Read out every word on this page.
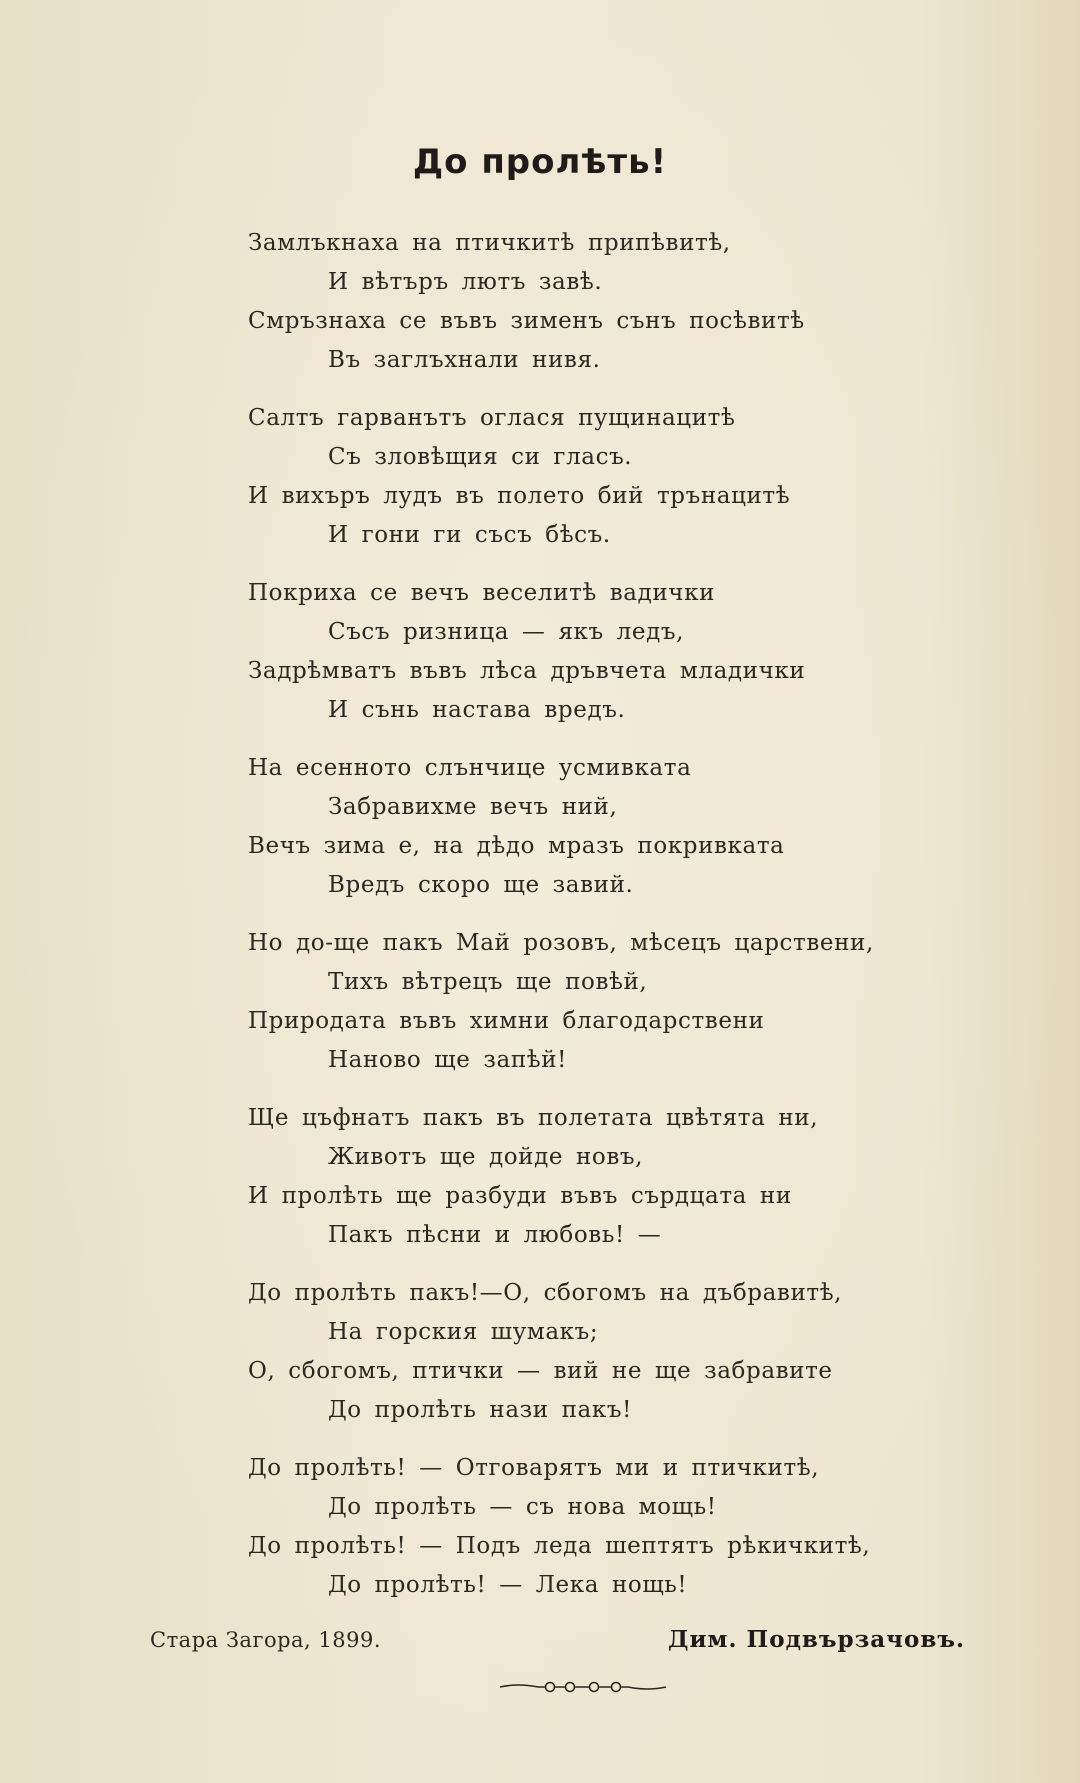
До пролѣть!
Замлъкнаха на птичкитѣ припѣвитѣ,
И вѣтъръ лютъ завѣ.
Смръзнаха се въвъ зименъ сънъ посѣвитѣ
Въ заглъхнали нивя.
Салтъ гарванътъ оглася пущинацитѣ
Съ зловѣщия си гласъ.
И вихъръ лудъ въ полето бий трънацитѣ
И гони ги съсъ бѣсъ.
Покриха се вечъ веселитѣ вадички
Съсъ ризница — якъ ледъ,
Задрѣмватъ въвъ лѣса дръвчета младички
И сънь настава вредъ.
На есенното слънчице усмивката
Забравихме вечъ ний,
Вечъ зима е, на дѣдо мразъ покривката
Вредъ скоро ще завий.
Но до-ще пакъ Май розовъ, мѣсецъ царствени,
Тихъ вѣтрецъ ще повѣй,
Природата въвъ химни благодарствени
Наново ще запѣй!
Ще цъфнатъ пакъ въ полетата цвѣтята ни,
Животъ ще дойде новъ,
И пролѣть ще разбуди въвъ сърдцата ни
Пакъ пѣсни и любовь! —
До пролѣть пакъ!—О, сбогомъ на дъбравитѣ,
На горския шумакъ;
О, сбогомъ, птички — вий не ще забравите
До пролѣть нази пакъ!
До пролѣть! — Отговарятъ ми и птичкитѣ,
До пролѣть — съ нова мощь!
До пролѣть! — Подъ леда шептятъ рѣкичкитѣ,
До пролѣть! — Лека нощь!
Стара Загора, 1899.	Дим. Подвързачовъ.
